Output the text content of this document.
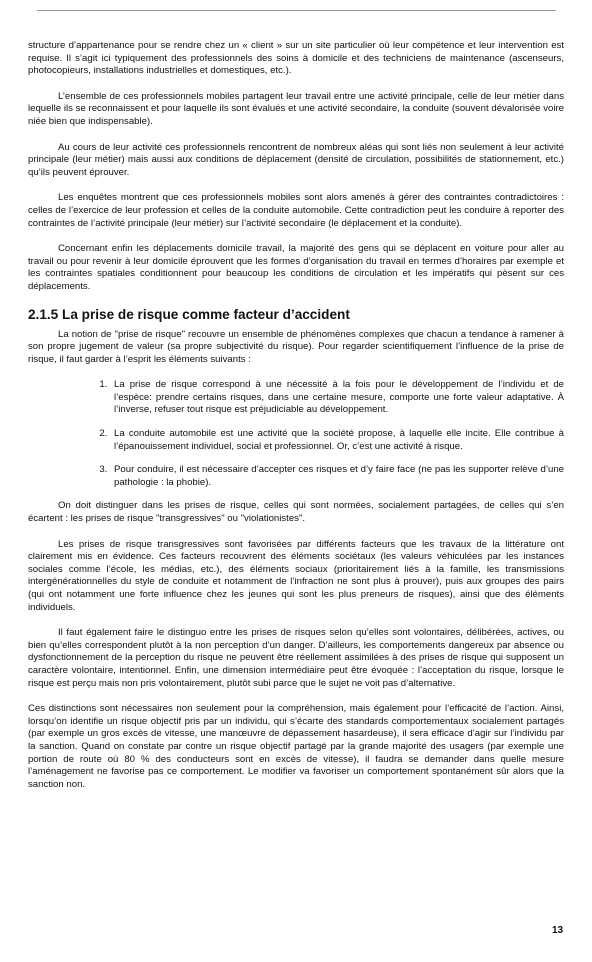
structure d’appartenance pour se rendre chez un « client » sur un site particulier où leur compétence et leur intervention est requise. Il s’agit ici typiquement des professionnels des soins à domicile et des techniciens de maintenance (ascenseurs, photocopieurs, installations industrielles et domestiques, etc.).

L’ensemble de ces professionnels mobiles partagent leur travail entre une activité principale, celle de leur métier dans lequelle ils se reconnaissent et pour laquelle ils sont évalués et une activité secondaire, la conduite (souvent dévalorisée voire niée bien que indispensable).

Au cours de leur activité ces professionnels rencontrent de nombreux aléas qui sont liés non seulement à leur activité principale (leur métier) mais aussi aux conditions de déplacement (densité de circulation, possibilités de stationnement, etc.) qu’ils peuvent éprouver.

Les enquêtes montrent que ces professionnels mobiles sont alors amenés à gérer des contraintes contradictoires : celles de l’exercice de leur profession et celles de la conduite automobile. Cette contradiction peut les conduire à reporter des contraintes de l’activité principale (leur métier) sur l’activité secondaire (le déplacement et la conduite).

Concernant enfin les déplacements domicile travail, la majorité des gens qui se déplacent en voiture pour aller au travail ou pour revenir à leur domicile éprouvent que les formes d’organisation du travail en termes d’horaires par exemple et les contraintes spatiales conditionnent pour beaucoup les conditions de circulation et les impératifs qui pèsent sur ces déplacements.

2.1.5 La prise de risque comme facteur d’accident

La notion de "prise de risque" recouvre un ensemble de phénomènes complexes que chacun a tendance à ramener à son propre jugement de valeur (sa propre subjectivité du risque). Pour regarder scientifiquement l’influence de la prise de risque, il faut garder à l’esprit les éléments suivants :

1. La prise de risque correspond à une nécessité à la fois pour le développement de l’individu et de l’espèce: prendre certains risques, dans une certaine mesure, comporte une forte valeur adaptative. À l’inverse, refuser tout risque est préjudiciable au développement.
2. La conduite automobile est une activité que la société propose, à laquelle elle incite. Elle contribue à l’épanouissement individuel, social et professionnel. Or, c’est une activité à risque.
3. Pour conduire, il est nécessaire d’accepter ces risques et d’y faire face (ne pas les supporter relève d’une pathologie : la phobie).

On doit distinguer dans les prises de risque, celles qui sont normées, socialement partagées, de celles qui s’en écartent : les prises de risque "transgressives" ou "violationistes".

Les prises de risque transgressives sont favorisées par différents facteurs que les travaux de la littérature ont clairement mis en évidence. Ces facteurs recouvrent des éléments sociétaux (les valeurs véhiculées par les instances sociales comme l’école, les médias, etc.), des éléments sociaux (prioritairement liés à la famille, les transmissions intergénérationnelles du style de conduite et notamment de l’infraction ne sont plus à prouver), puis aux groupes des pairs (qui ont notamment une forte influence chez les jeunes qui sont les plus preneurs de risques), ainsi que des éléments individuels.

Il faut également faire le distinguo entre les prises de risques selon qu’elles sont volontaires, délibérées, actives, ou bien qu’elles correspondent plutôt à la non perception d’un danger. D’ailleurs, les comportements dangereux par absence ou dysfonctionnement de la perception du risque ne peuvent être réellement assimilées à des prises de risque qui supposent un caractère volontaire, intentionnel. Enfin, une dimension intermédiaire peut être évoquée : l’acceptation du risque, lorsque le risque est perçu mais non pris volontairement, plutôt subi parce que le sujet ne voit pas d’alternative.

Ces distinctions sont nécessaires non seulement pour la compréhension, mais également pour l’efficacité de l’action. Ainsi, lorsqu’on identifie un risque objectif pris par un individu, qui s’écarte des standards comportementaux socialement partagés (par exemple un gros excès de vitesse, une manœuvre de dépassement hasardeuse), il sera efficace d’agir sur l’individu par la sanction. Quand on constate par contre un risque objectif partagé par la grande majorité des usagers (par exemple une portion de route où 80 % des conducteurs sont en excès de vitesse), il faudra se demander dans quelle mesure l’aménagement ne favorise pas ce comportement. Le modifier va favoriser un comportement spontanément sûr alors que la sanction non.

13
